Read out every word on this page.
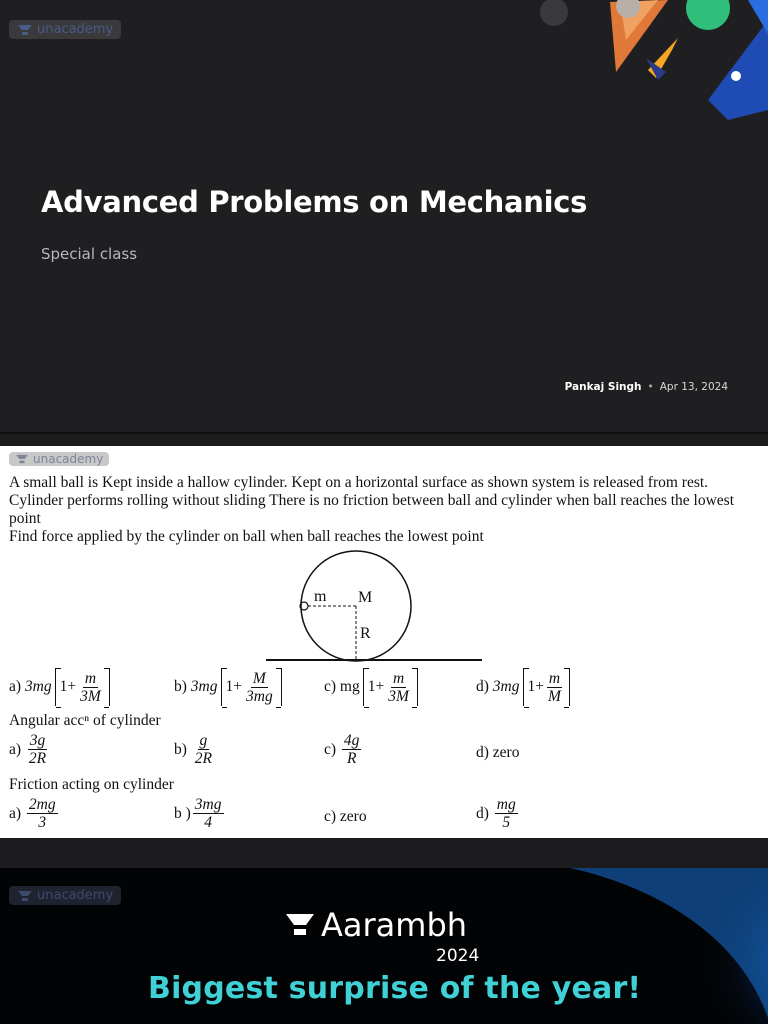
unacademy
Advanced Problems on Mechanics
Special class
Pankaj Singh • Apr 13, 2024
unacademy
A small ball is Kept inside a hallow cylinder. Kept on a horizontal surface as shown system is released from rest. Cylinder performs rolling without sliding There is no friction between ball and cylinder when ball reaches the lowest point
Find force applied by the cylinder on ball when ball reaches the lowest point
m M
R
a)
3mg $1+ \frac{m}{3M}$	b)
3mg $1+ \frac{M}{3mg}$	c)
mg $1+ \frac{m}{3M}$	d)
3mg $1+ \frac{m}{M}$
Angular accⁿ of cylinder
a)
$\frac{3g}{2R}$	b)
$\frac{g}{2R}$	c)
$\frac{4g}{R}$	d)
zero
Friction acting on cylinder
a)
$\frac{2mg}{3}$	b ) $\frac{3mg}{4}$	c)
zero	d)
$\frac{mg}{5}$
unacademy
Aarambh
2024
Biggest surprise of the year!
